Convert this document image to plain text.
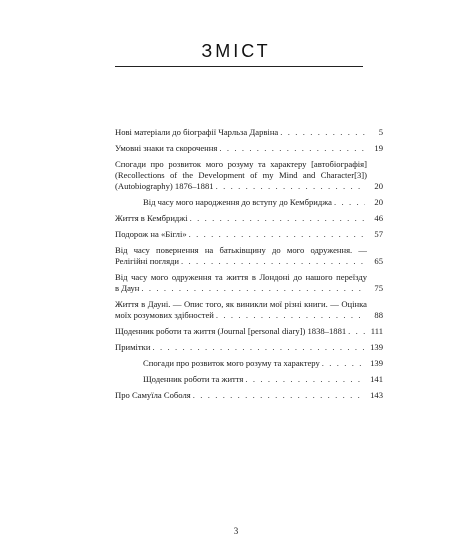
ЗМІСТ
Нові матеріали до біографії Чарльза Дарвіна . . .	5
Умовні знаки та скорочення . . .	19
Спогади про розвиток мого розуму та характеру [автобіографія]
(Recollections of the Development of my Mind and Character[3])
(Autobiography) 1876–1881 . . .	20
Від часу мого народження до вступу до Кембриджа . . .	20
Життя в Кембриджі . . .	46
Подорож на «Біглі» . . .	57
Від часу повернення на батьківщину до мого одруження. —
Релігійні погляди . . .	65
Від часу мого одруження та життя в Лондоні до нашого переїзду
в Даун . . .	75
Життя в Дауні. — Опис того, як виникли мої різні книги. — Оцінка
моїх розумових здібностей . . .	88
Щоденник роботи та життя (Journal [personal diary]) 1838–1881 . . .	111
Примітки . . .	139
Спогади про розвиток мого розуму та характеру . . .	139
Щоденник роботи та життя . . .	141
Про Самуїла Соболя . . .	143
3
